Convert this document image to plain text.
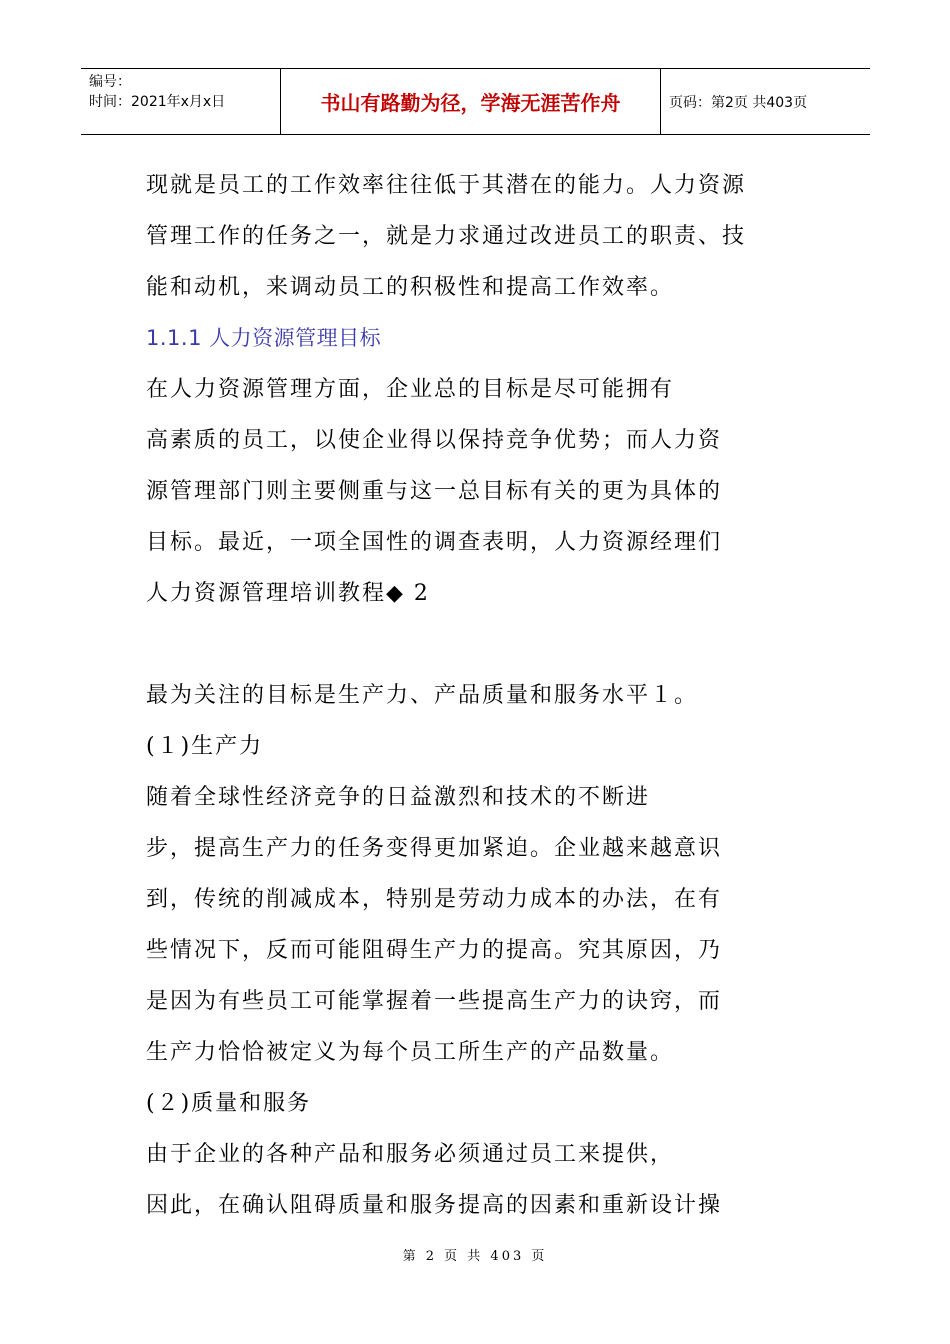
编号：
时间：2021年x月x日	书山有路勤为径，学海无涯苦作舟	页码：第2页 共403页
现就是员工的工作效率往往低于其潜在的能力。人力资源
管理工作的任务之一，就是力求通过改进员工的职责、技
能和动机，来调动员工的积极性和提高工作效率。
1.1.1 人力资源管理目标
在人力资源管理方面，企业总的目标是尽可能拥有
高素质的员工，以使企业得以保持竞争优势；而人力资
源管理部门则主要侧重与这一总目标有关的更为具体的
目标。最近，一项全国性的调查表明，人力资源经理们
人力资源管理培训教程◆ 2
最为关注的目标是生产力、产品质量和服务水平１。
(１)生产力
随着全球性经济竞争的日益激烈和技术的不断进
步，提高生产力的任务变得更加紧迫。企业越来越意识
到，传统的削减成本，特别是劳动力成本的办法，在有
些情况下，反而可能阻碍生产力的提高。究其原因，乃
是因为有些员工可能掌握着一些提高生产力的诀窍，而
生产力恰恰被定义为每个员工所生产的产品数量。
(２)质量和服务
由于企业的各种产品和服务必须通过员工来提供，
因此，在确认阻碍质量和服务提高的因素和重新设计操
第 2 页 共 403 页
